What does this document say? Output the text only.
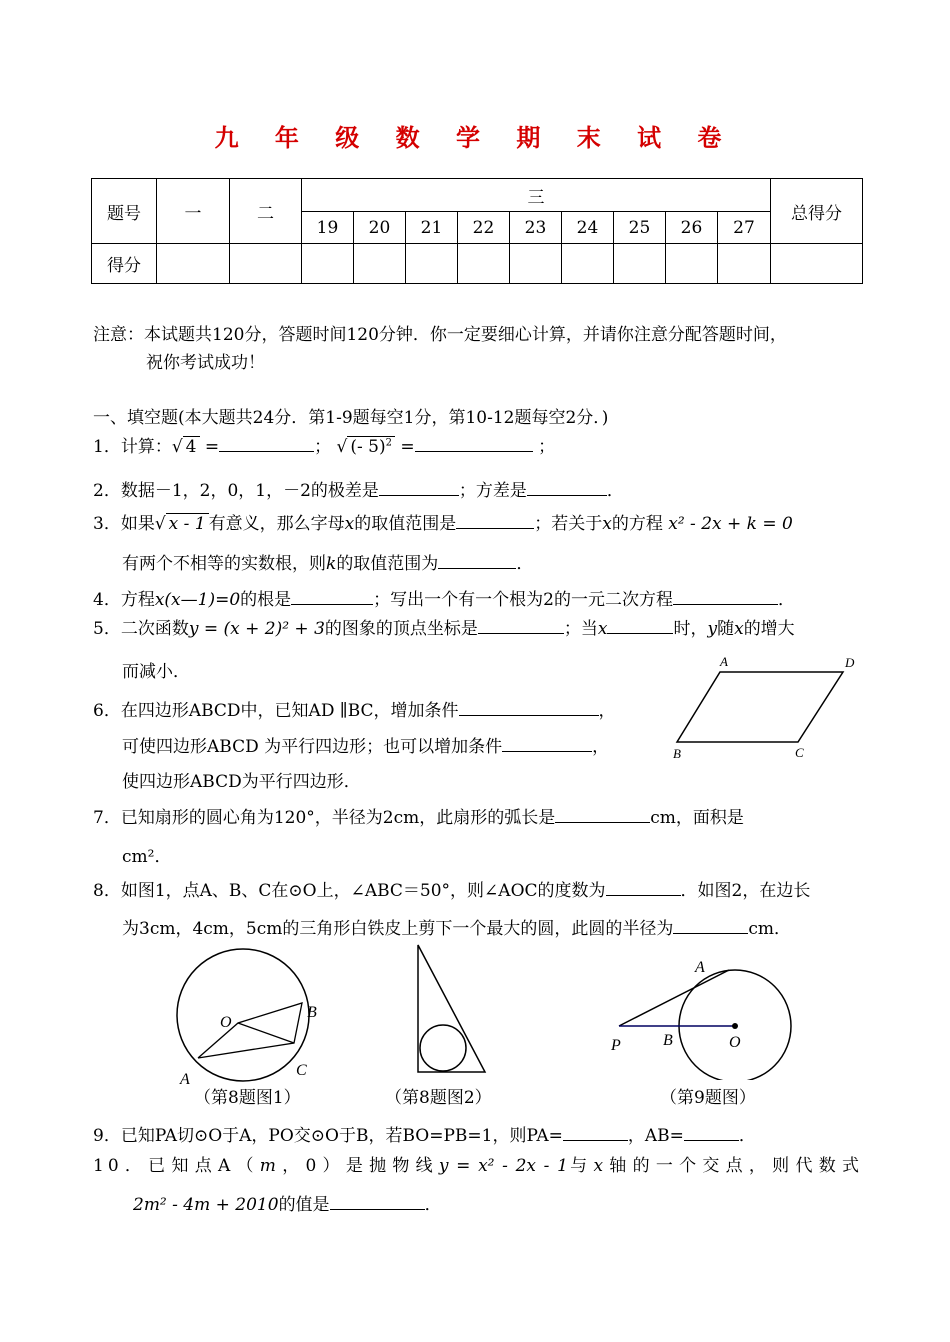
九 年 级 数 学 期 末 试 卷
题号	一	二	三									总得分
			19	20	21	22	23	24	25	26	27	
得分												
注意：本试题共120分，答题时间120分钟．你一定要细心计算，并请你注意分配答题时间，
祝你考试成功！
一、填空题(本大题共24分．第1-9题每空1分，第10-12题每空2分．)
1．计算：√ 4 =	； √ (- 5)$^2$ =	；
2．数据－1，2，0，1，－2的极差是	；方差是	．
3．如果√ x - 1 有意义，那么字母x的取值范围是	；若关于x的方程 x² - 2x + k = 0
有两个不相等的实数根，则k的取值范围为	．
4．方程x(x—1)=0的根是	；写出一个有一个根为2的一元二次方程	．
5．二次函数y = (x + 2)² + 3的图象的顶点坐标是	；当x	时，y随x的增大
而减小．
6．在四边形ABCD中，已知AD ∥BC，增加条件	，
可使四边形ABCD 为平行四边形；也可以增加条件	，
使四边形ABCD为平行四边形．
A	D
B	C
7．已知扇形的圆心角为120°，半径为2cm，此扇形的弧长是	cm，面积是
cm²．
8．如图1，点A、B、C在⊙O上，∠ABC＝50°，则∠AOC的度数为	．如图2，在边长
为3cm，4cm，5cm的三角形白铁皮上剪下一个最大的圆，此圆的半径为	cm．
O
B
C
A
（第8题图1）	（第8题图2）
A
P	B	O
（第9题图）
9．已知PA切⊙O于A，PO交⊙O于B，若BO=PB=1，则PA=	，AB=	．
10．已知点A（m，0）是抛物线y = x² - 2x - 1与x轴的一个交点，则代数式
2m² - 4m + 2010的值是	．
